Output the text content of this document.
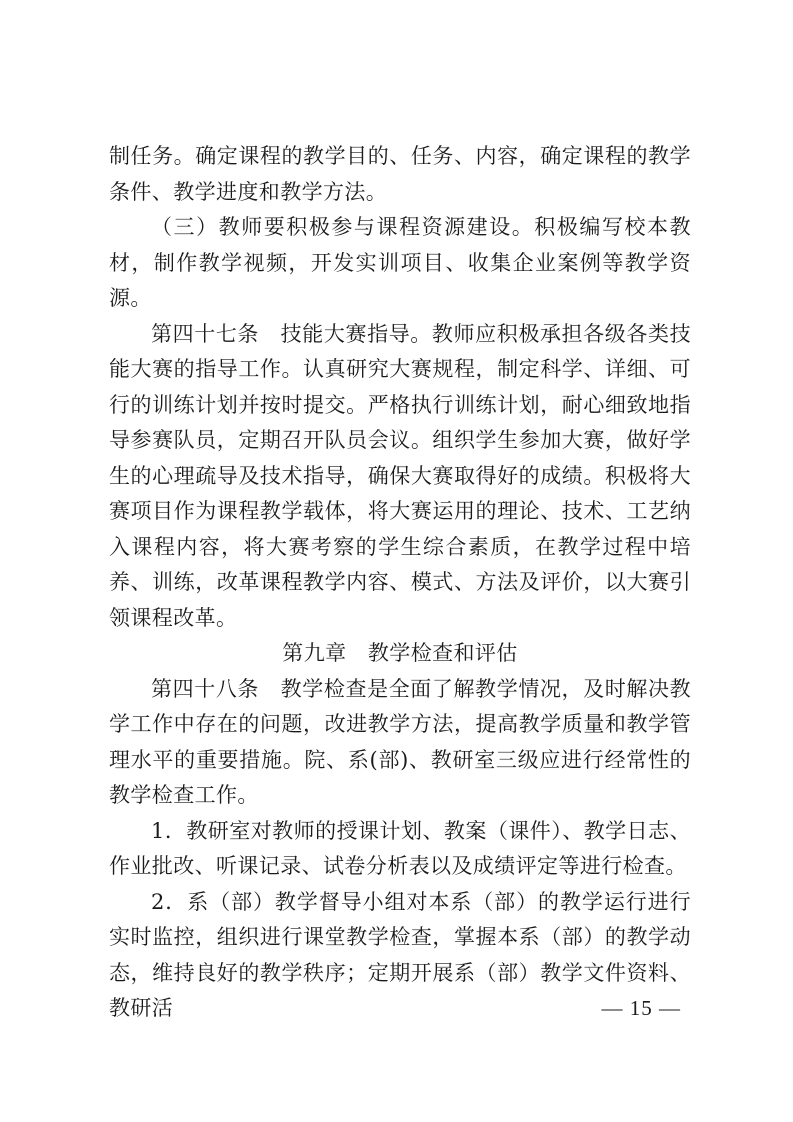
制任务。确定课程的教学目的、任务、内容，确定课程的教学条件、教学进度和教学方法。

（三）教师要积极参与课程资源建设。积极编写校本教材，制作教学视频，开发实训项目、收集企业案例等教学资源。

第四十七条　技能大赛指导。教师应积极承担各级各类技能大赛的指导工作。认真研究大赛规程，制定科学、详细、可行的训练计划并按时提交。严格执行训练计划，耐心细致地指导参赛队员，定期召开队员会议。组织学生参加大赛，做好学生的心理疏导及技术指导，确保大赛取得好的成绩。积极将大赛项目作为课程教学载体，将大赛运用的理论、技术、工艺纳入课程内容，将大赛考察的学生综合素质，在教学过程中培养、训练，改革课程教学内容、模式、方法及评价，以大赛引领课程改革。

第九章　教学检查和评估

第四十八条　教学检查是全面了解教学情况，及时解决教学工作中存在的问题，改进教学方法，提高教学质量和教学管理水平的重要措施。院、系(部)、教研室三级应进行经常性的教学检查工作。

1．教研室对教师的授课计划、教案（课件）、教学日志、作业批改、听课记录、试卷分析表以及成绩评定等进行检查。

2．系（部）教学督导小组对本系（部）的教学运行进行实时监控，组织进行课堂教学检查，掌握本系（部）的教学动态，维持良好的教学秩序；定期开展系（部）教学文件资料、教研活	— 15 —
